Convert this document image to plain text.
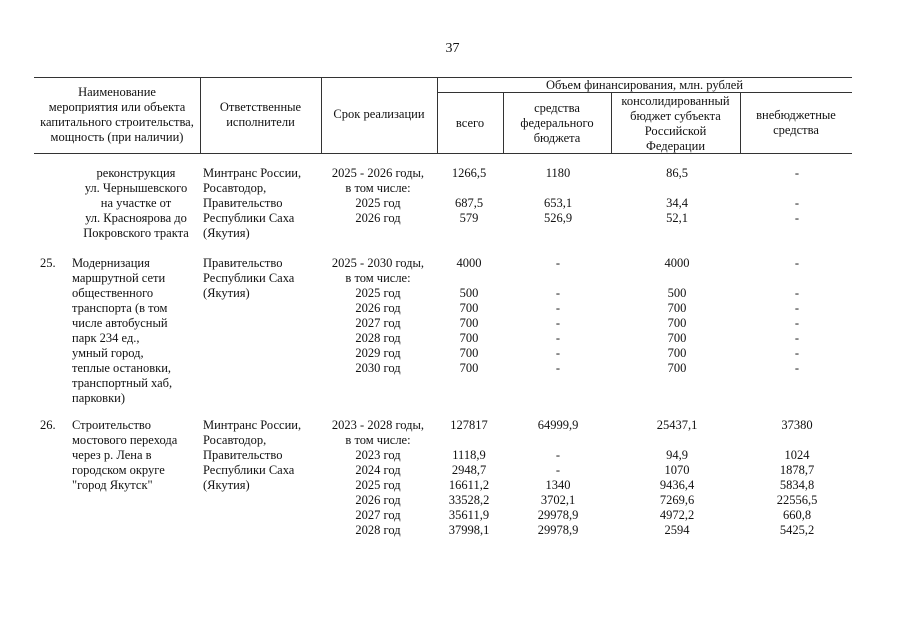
37
Наименование
мероприятия или объекта
капитального строительства,
мощность (при наличии)
Ответственные
исполнители
Срок реализации
Объем финансирования, млн. рублей
всего
средства
федерального
бюджета
консолидированный
бюджет субъекта
Российской
Федерации
внебюджетные
средства
реконструкция
ул. Чернышевского
на участке от
ул. Красноярова до
Покровского тракта
Минтранс России,
Росавтодор,
Правительство
Республики Саха
(Якутия)
2025 - 2026 годы,
в том числе:
2025 год
2026 год
1266,5
687,5
579
1180
653,1
526,9
86,5
34,4
52,1
-
-
-
25.	Модернизация
маршрутной сети
общественного
транспорта (в том
числе автобусный
парк 234 ед.,
умный город,
теплые остановки,
транспортный хаб,
парковки)
Правительство
Республики Саха
(Якутия)
2025 - 2030 годы,
в том числе:
2025 год
2026 год
2027 год
2028 год
2029 год
2030 год
4000
500
700
700
700
700
700
-
-
-
-
-
-
-
4000
500
700
700
700
700
700
-
-
-
-
-
-
-
26.	Строительство
мостового перехода
через р. Лена в
городском округе
"город Якутск"
Минтранс России,
Росавтодор,
Правительство
Республики Саха
(Якутия)
2023 - 2028 годы,
в том числе:
2023 год
2024 год
2025 год
2026 год
2027 год
2028 год
127817
1118,9
2948,7
16611,2
33528,2
35611,9
37998,1
64999,9
-
-
1340
3702,1
29978,9
29978,9
25437,1
94,9
1070
9436,4
7269,6
4972,2
2594
37380
1024
1878,7
5834,8
22556,5
660,8
5425,2
